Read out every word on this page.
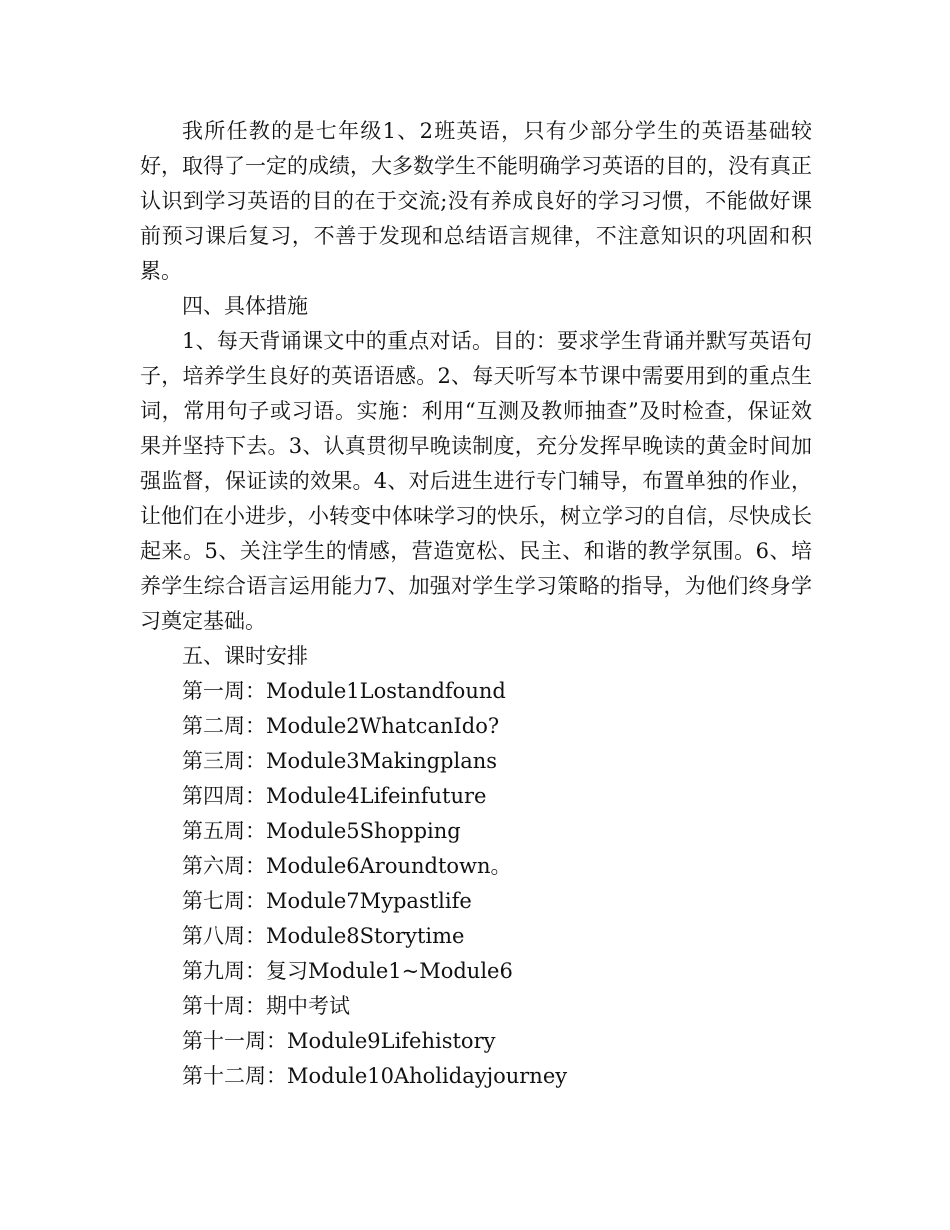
我所任教的是七年级1、2班英语，只有少部分学生的英语基础较好，取得了一定的成绩，大多数学生不能明确学习英语的目的，没有真正认识到学习英语的目的在于交流;没有养成良好的学习习惯，不能做好课前预习课后复习，不善于发现和总结语言规律，不注意知识的巩固和积累。

四、具体措施

1、每天背诵课文中的重点对话。目的：要求学生背诵并默写英语句子，培养学生良好的英语语感。2、每天听写本节课中需要用到的重点生词，常用句子或习语。实施：利用“互测及教师抽查”及时检查，保证效果并坚持下去。3、认真贯彻早晚读制度，充分发挥早晚读的黄金时间加强监督，保证读的效果。4、对后进生进行专门辅导，布置单独的作业，让他们在小进步，小转变中体味学习的快乐，树立学习的自信，尽快成长起来。5、关注学生的情感，营造宽松、民主、和谐的教学氛围。6、培养学生综合语言运用能力7、加强对学生学习策略的指导，为他们终身学习奠定基础。

五、课时安排

第一周：Module1Lostandfound

第二周：Module2WhatcanIdo?

第三周：Module3Makingplans

第四周：Module4Lifeinfuture

第五周：Module5Shopping

第六周：Module6Aroundtown。

第七周：Module7Mypastlife

第八周：Module8Storytime

第九周：复习Module1~Module6

第十周：期中考试

第十一周：Module9Lifehistory

第十二周：Module10Aholidayjourney
